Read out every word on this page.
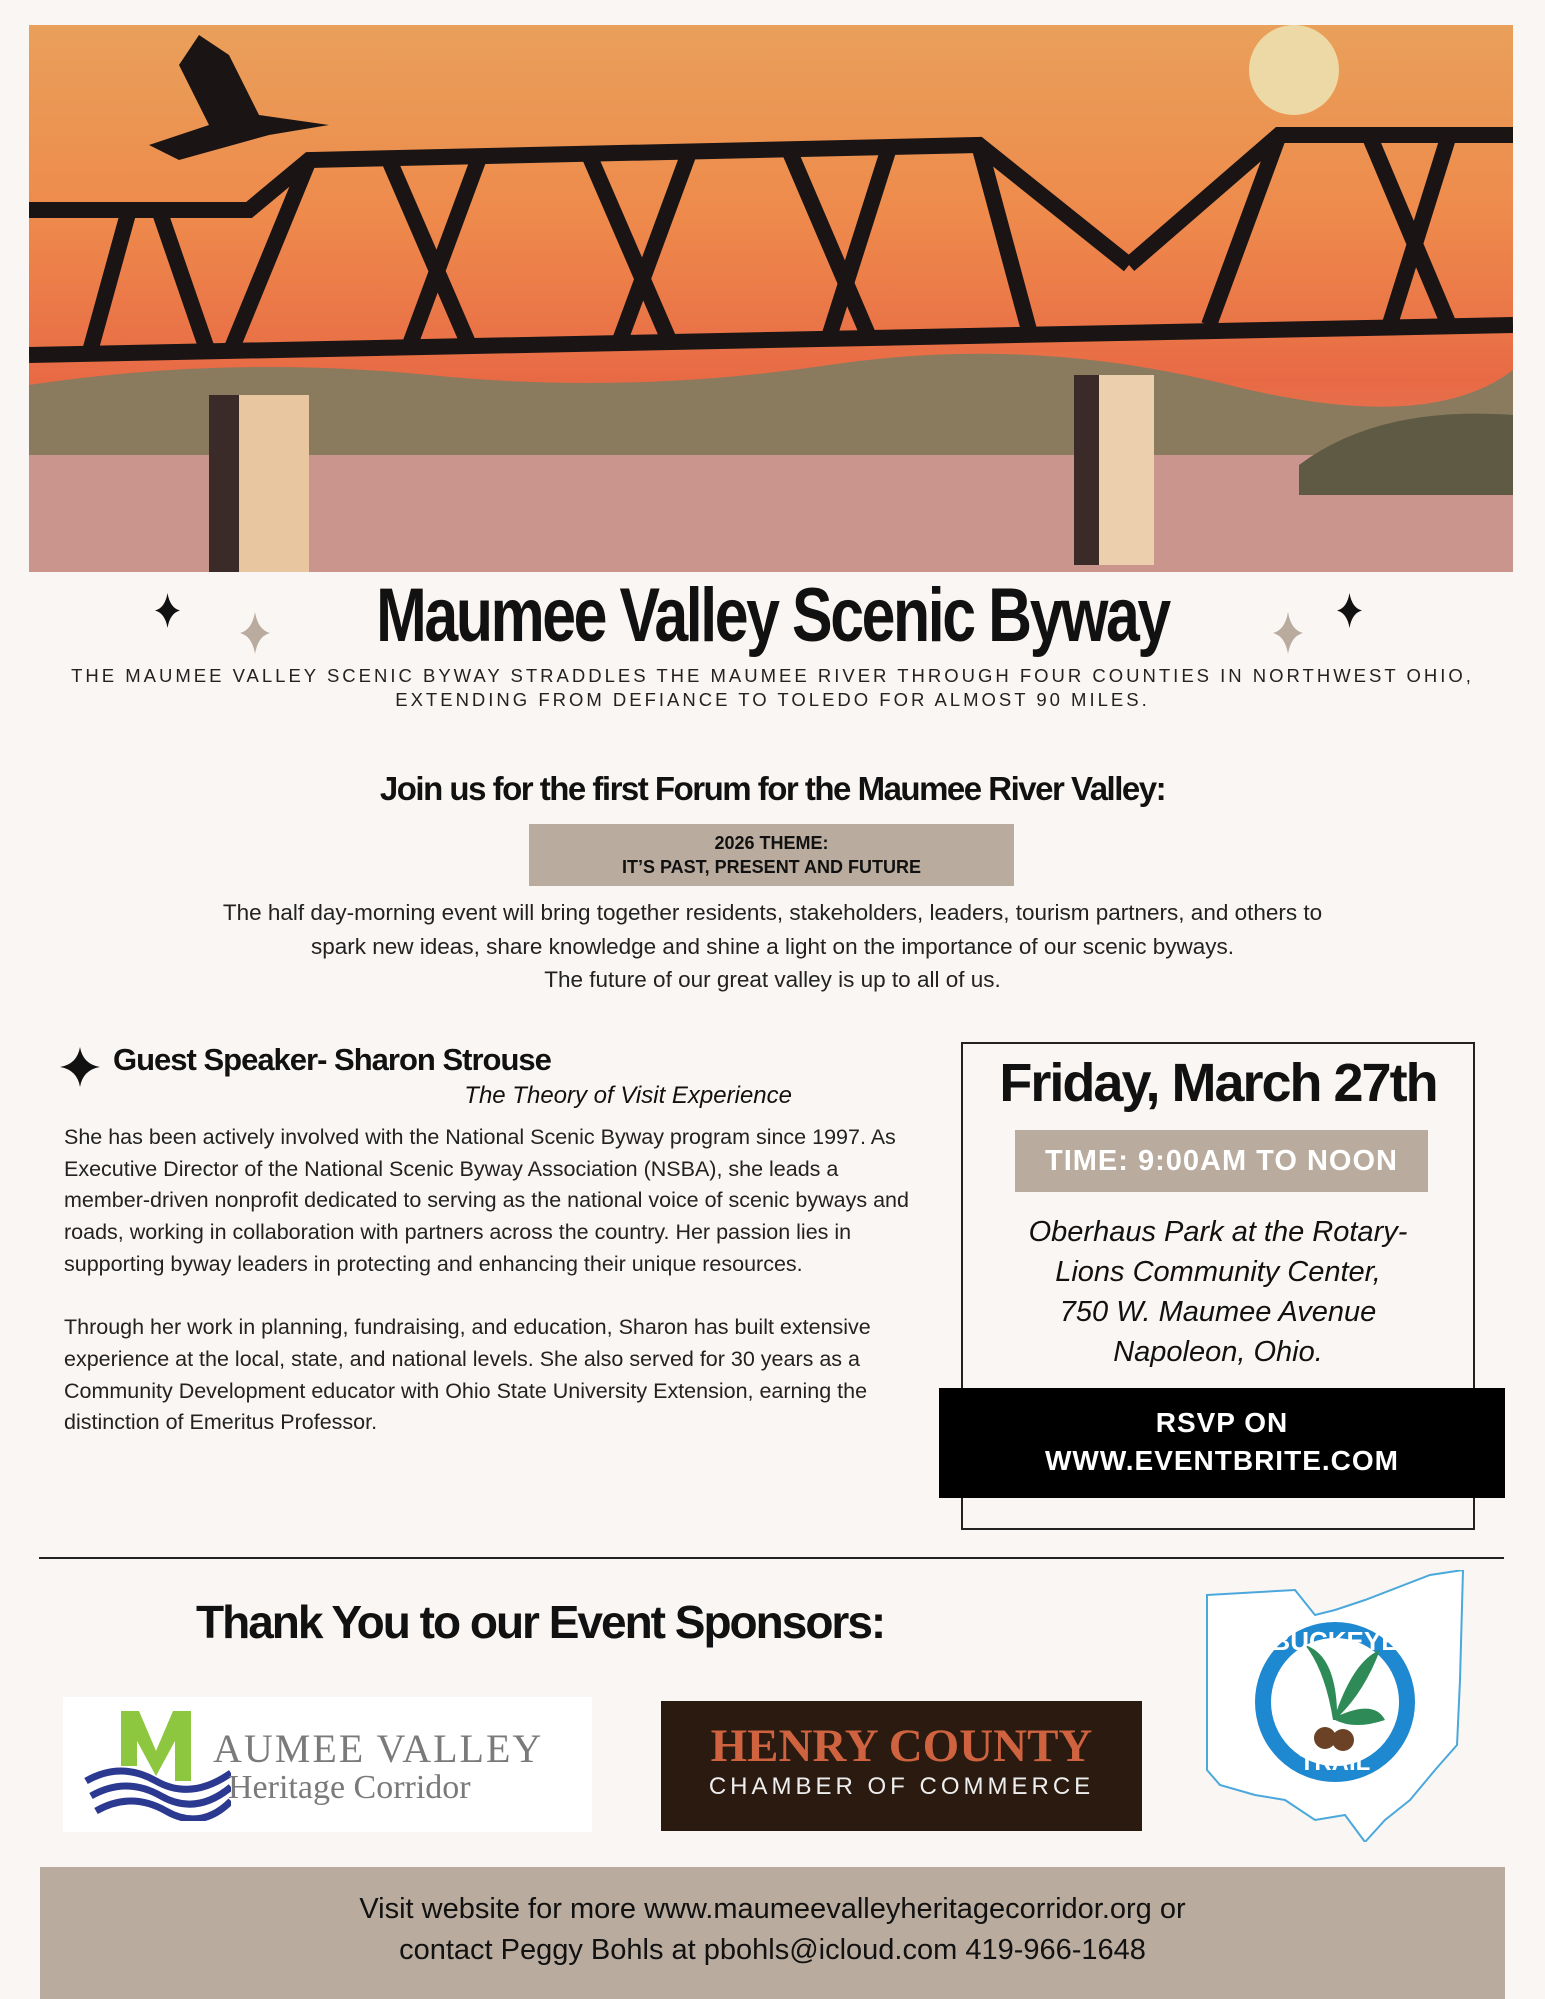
Maumee Valley Scenic Byway
THE MAUMEE VALLEY SCENIC BYWAY STRADDLES THE MAUMEE RIVER THROUGH FOUR COUNTIES IN NORTHWEST OHIO, EXTENDING FROM DEFIANCE TO TOLEDO FOR ALMOST 90 MILES.
Join us for the first Forum for the Maumee River Valley:
2026 THEME:
IT’S PAST, PRESENT AND FUTURE
The half day-morning event will bring together residents, stakeholders, leaders, tourism partners, and others to
spark new ideas, share knowledge and shine a light on the importance of our scenic byways.
The future of our great valley is up to all of us.
Guest Speaker- Sharon Strouse
The Theory of Visit Experience

She has been actively involved with the National Scenic Byway program since 1997. As Executive Director of the National Scenic Byway Association (NSBA), she leads a member-driven nonprofit dedicated to serving as the national voice of scenic byways and roads, working in collaboration with partners across the country. Her passion lies in supporting byway leaders in protecting and enhancing their unique resources.

Through her work in planning, fundraising, and education, Sharon has built extensive experience at the local, state, and national levels. She also served for 30 years as a Community Development educator with Ohio State University Extension, earning the distinction of Emeritus Professor.

Friday, March 27th
TIME: 9:00AM TO NOON
Oberhaus Park at the Rotary-
Lions Community Center,
750 W. Maumee Avenue
Napoleon, Ohio.
RSVP ON
WWW.EVENTBRITE.COM
Thank You to our Event Sponsors:
AUMEE VALLEY
Heritage Corridor
HENRY COUNTY
CHAMBER OF COMMERCE
BUCKEYE
TRAIL
Visit website for more www.maumeevalleyheritagecorridor.org or
contact Peggy Bohls at pbohls@icloud.com 419-966-1648
